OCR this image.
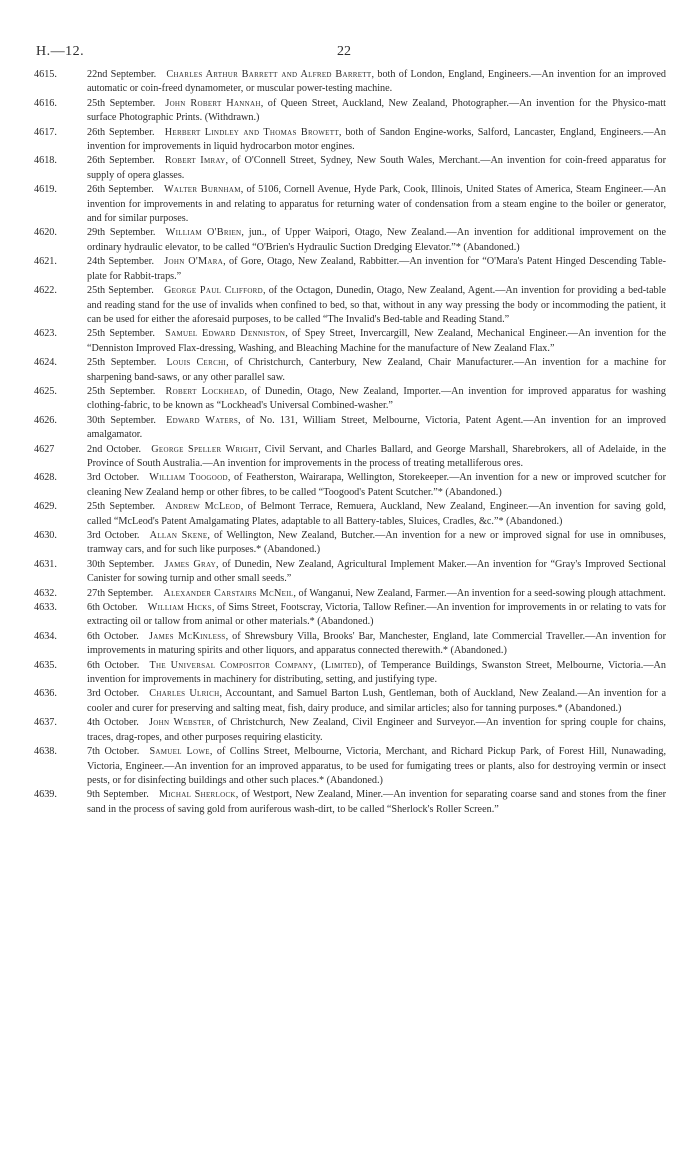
H.—12.	22
4615.	22nd September.  Charles Arthur Barrett and Alfred Barrett, both of London, England, Engineers.—An invention for an improved automatic or coin-freed dynamometer, or muscular power-testing machine.
4616.	25th September.  John Robert Hannah, of Queen Street, Auckland, New Zealand, Photographer.—An invention for the Physico-matt surface Photographic Prints. (Withdrawn.)
4617.	26th September.  Herbert Lindley and Thomas Browett, both of Sandon Engine-works, Salford, Lancaster, England, Engineers.—An invention for improvements in liquid hydrocarbon motor engines.
4618.	26th September.  Robert Imray, of O'Connell Street, Sydney, New South Wales, Merchant.—An invention for coin-freed apparatus for supply of opera glasses.
4619.	26th September.  Walter Burnham, of 5106, Cornell Avenue, Hyde Park, Cook, Illinois, United States of America, Steam Engineer.—An invention for improvements in and relating to apparatus for returning water of condensation from a steam engine to the boiler or generator, and for similar purposes.
4620.	29th September.  William O'Brien, jun., of Upper Waipori, Otago, New Zealand.—An invention for additional improvement on the ordinary hydraulic elevator, to be called “O'Brien's Hydraulic Suction Dredging Elevator.”* (Abandoned.)
4621.	24th September.  John O'Mara, of Gore, Otago, New Zealand, Rabbitter.—An invention for “O'Mara's Patent Hinged Descending Table-plate for Rabbit-traps.”
4622.	25th September.  George Paul Clifford, of the Octagon, Dunedin, Otago, New Zealand, Agent.—An invention for providing a bed-table and reading stand for the use of invalids when confined to bed, so that, without in any way pressing the body or incommoding the patient, it can be used for either the aforesaid purposes, to be called “The Invalid's Bed-table and Reading Stand.”
4623.	25th September.  Samuel Edward Denniston, of Spey Street, Invercargill, New Zealand, Mechanical Engineer.—An invention for the “Denniston Improved Flax-dressing, Washing, and Bleaching Machine for the manufacture of New Zealand Flax.”
4624.	25th September.  Louis Cerchi, of Christchurch, Canterbury, New Zealand, Chair Manufacturer.—An invention for a machine for sharpening band-saws, or any other parallel saw.
4625.	25th September.  Robert Lockhead, of Dunedin, Otago, New Zealand, Importer.—An invention for improved apparatus for washing clothing-fabric, to be known as “Lockhead's Universal Combined-washer.”
4626.	30th September.  Edward Waters, of No. 131, William Street, Melbourne, Victoria, Patent Agent.—An invention for an improved amalgamator.
4627	2nd October.  George Speller Wright, Civil Servant, and Charles Ballard, and George Marshall, Sharebrokers, all of Adelaide, in the Province of South Australia.—An invention for improvements in the process of treating metalliferous ores.
4628.	3rd October.  William Toogood, of Featherston, Wairarapa, Wellington, Storekeeper.—An invention for a new or improved scutcher for cleaning New Zealand hemp or other fibres, to be called “Toogood's Patent Scutcher.”* (Abandoned.)
4629.	25th September.  Andrew McLeod, of Belmont Terrace, Remuera, Auckland, New Zealand, Engineer.—An invention for saving gold, called “McLeod's Patent Amalgamating Plates, adaptable to all Battery-tables, Sluices, Cradles, &c.”* (Abandoned.)
4630.	3rd October.  Allan Skene, of Wellington, New Zealand, Butcher.—An invention for a new or improved signal for use in omnibuses, tramway cars, and for such like purposes.* (Abandoned.)
4631.	30th September.  James Gray, of Dunedin, New Zealand, Agricultural Implement Maker.—An invention for “Gray's Improved Sectional Canister for sowing turnip and other small seeds.”
4632.	27th September.  Alexander Carstairs McNeil, of Wanganui, New Zealand, Farmer.—An invention for a seed-sowing plough attachment.
4633.	6th October.  William Hicks, of Sims Street, Footscray, Victoria, Tallow Refiner.—An invention for improvements in or relating to vats for extracting oil or tallow from animal or other materials.* (Abandoned.)
4634.	6th October.  James McKinless, of Shrewsbury Villa, Brooks' Bar, Manchester, England, late Commercial Traveller.—An invention for improvements in maturing spirits and other liquors, and apparatus connected therewith.* (Abandoned.)
4635.	6th October.  The Universal Compositor Company, (Limited), of Temperance Buildings, Swanston Street, Melbourne, Victoria.—An invention for improvements in machinery for distributing, setting, and justifying type.
4636.	3rd October.  Charles Ulrich, Accountant, and Samuel Barton Lush, Gentleman, both of Auckland, New Zealand.—An invention for a cooler and curer for preserving and salting meat, fish, dairy produce, and similar articles; also for tanning purposes.* (Abandoned.)
4637.	4th October.  John Webster, of Christchurch, New Zealand, Civil Engineer and Surveyor.—An invention for spring couple for chains, traces, drag-ropes, and other purposes requiring elasticity.
4638.	7th October.  Samuel Lowe, of Collins Street, Melbourne, Victoria, Merchant, and Richard Pickup Park, of Forest Hill, Nunawading, Victoria, Engineer.—An invention for an improved apparatus, to be used for fumigating trees or plants, also for destroying vermin or insect pests, or for disinfecting buildings and other such places.* (Abandoned.)
4639.	9th September.  Michal Sherlock, of Westport, New Zealand, Miner.—An invention for separating coarse sand and stones from the finer sand in the process of saving gold from auriferous wash-dirt, to be called “Sherlock's Roller Screen.”
